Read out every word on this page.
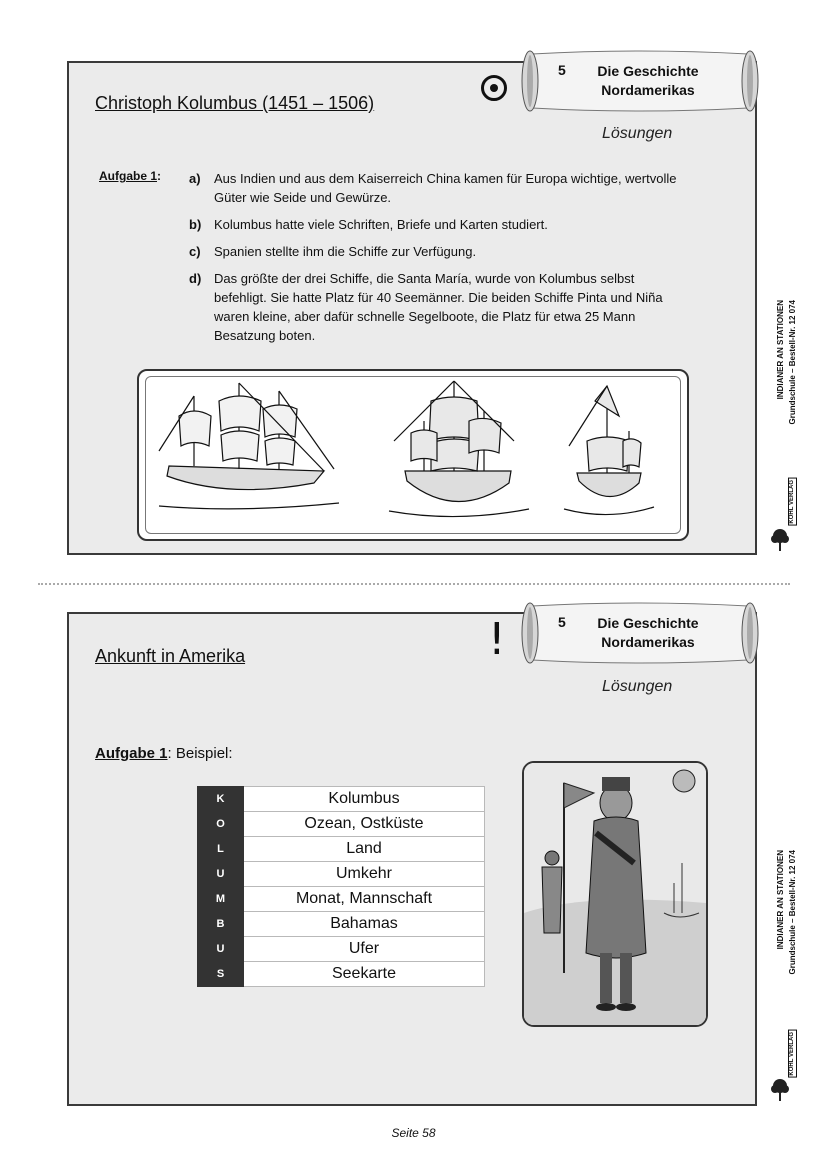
Christoph Kolumbus (1451 – 1506)
Lösungen
Aufgabe 1: a) Aus Indien und aus dem Kaiserreich China kamen für Europa wichtige, wertvolle Güter wie Seide und Gewürze.
b) Kolumbus hatte viele Schriften, Briefe und Karten studiert.
c) Spanien stellte ihm die Schiffe zur Verfügung.
d) Das größte der drei Schiffe, die Santa María, wurde von Kolumbus selbst befehligt. Sie hatte Platz für 40 Seemänner. Die beiden Schiffe Pinta und Niña waren kleine, aber dafür schnelle Segelboote, die Platz für etwa 25 Mann Besatzung boten.
5	Die Geschichte Nordamerikas
INDIANER AN STATIONEN Grundschule – Bestell-Nr. 12 074
KOHL VERLAG
Ankunft in Amerika
Lösungen
Aufgabe 1: Beispiel:
K	Kolumbus
O	Ozean, Ostküste
L	Land
U	Umkehr
M	Monat, Mannschaft
B	Bahamas
U	Ufer
S	Seekarte
!	5	Die Geschichte Nordamerikas
INDIANER AN STATIONEN Grundschule – Bestell-Nr. 12 074
KOHL VERLAG
Seite 58
